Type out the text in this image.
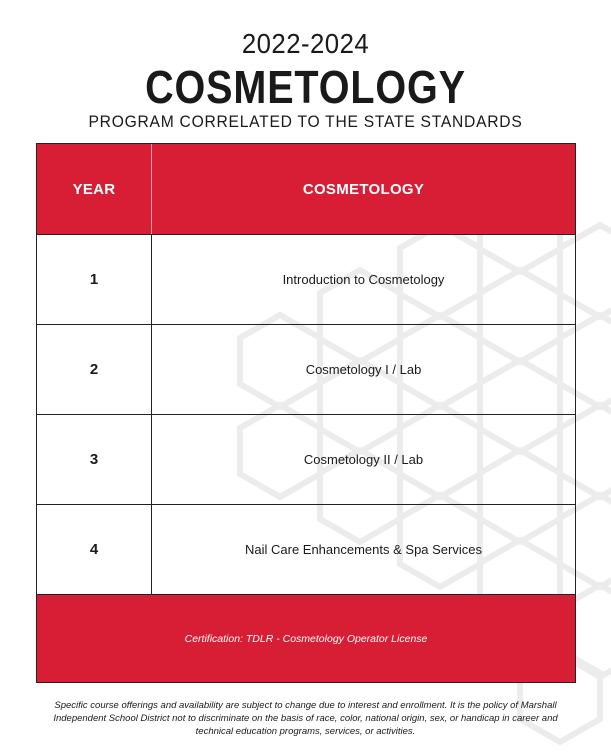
2022-2024
COSMETOLOGY
PROGRAM CORRELATED TO THE STATE STANDARDS
YEAR	COSMETOLOGY
1	Introduction to Cosmetology
2	Cosmetology I / Lab
3	Cosmetology II / Lab
4	Nail Care Enhancements & Spa Services
Certification: TDLR - Cosmetology Operator License
Specific course offerings and availability are subject to change due to interest and enrollment. It is the policy of Marshall Independent School District not to discriminate on the basis of race, color, national origin, sex, or handicap in career and technical education programs, services, or activities.
